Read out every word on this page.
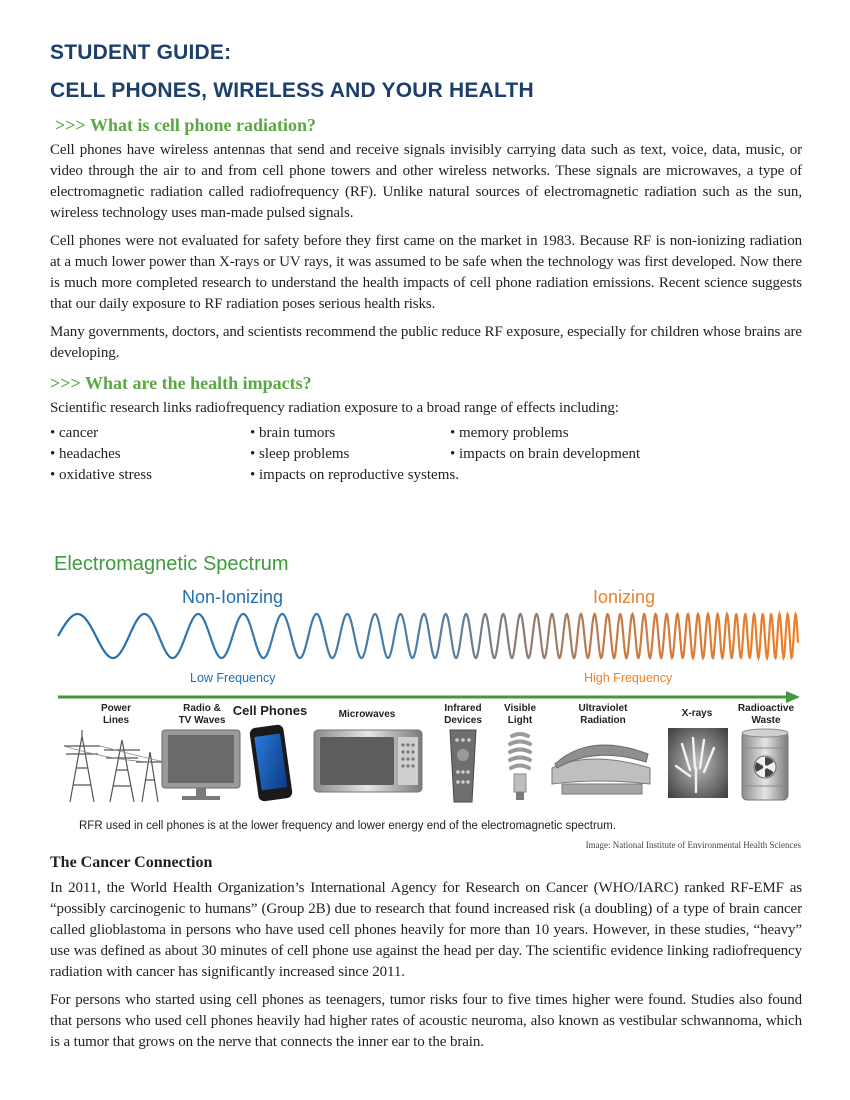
STUDENT GUIDE:
CELL PHONES, WIRELESS AND YOUR HEALTH
>>> What is cell phone radiation?

Cell phones have wireless antennas that send and receive signals invisibly carrying data such as text, voice, data, music, or video through the air to and from cell phone towers and other wireless networks. These signals are microwaves, a type of electromagnetic radiation called radiofrequency (RF). Unlike natural sources of electromagnetic radiation such as the sun, wireless technology uses man-made pulsed signals.

Cell phones were not evaluated for safety before they first came on the market in 1983. Because RF is non-ionizing radiation at a much lower power than X-rays or UV rays, it was assumed to be safe when the technology was first developed. Now there is much more completed research to understand the health impacts of cell phone radiation emissions. Recent science suggests that our daily exposure to RF radiation poses serious health risks.

Many governments, doctors, and scientists recommend the public reduce RF exposure, especially for children whose brains are developing.

>>> What are the health impacts?

Scientific research links radiofrequency radiation exposure to a broad range of effects including:

• cancer	• brain tumors	• memory problems
• headaches	• sleep problems	• impacts on brain development
• oxidative stress	• impacts on reproductive systems.
Electromagnetic Spectrum
Non-Ionizing	Ionizing
Low Frequency	High Frequency
Power
Lines
Radio &
TV Waves
Cell Phones	Microwaves
Infrared
Devices
Visible
Light
Ultraviolet
Radiation
X-rays	Radioactive
Waste
RFR used in cell phones is at the lower frequency and lower energy end of the electromagnetic spectrum.
Image: National Institute of Environmental Health Sciences
The Cancer Connection

In 2011, the World Health Organization’s International Agency for Research on Cancer (WHO/IARC) ranked RF-EMF as “possibly carcinogenic to humans” (Group 2B) due to research that found increased risk (a doubling) of a type of brain cancer called glioblastoma in persons who have used cell phones heavily for more than 10 years. However, in these studies, “heavy” use was defined as about 30 minutes of cell phone use against the head per day. The scientific evidence linking radiofrequency radiation with cancer has significantly increased since 2011.

For persons who started using cell phones as teenagers, tumor risks four to five times higher were found. Studies also found that persons who used cell phones heavily had higher rates of acoustic neuroma, also known as vestibular schwannoma, which is a tumor that grows on the nerve that connects the inner ear to the brain.
